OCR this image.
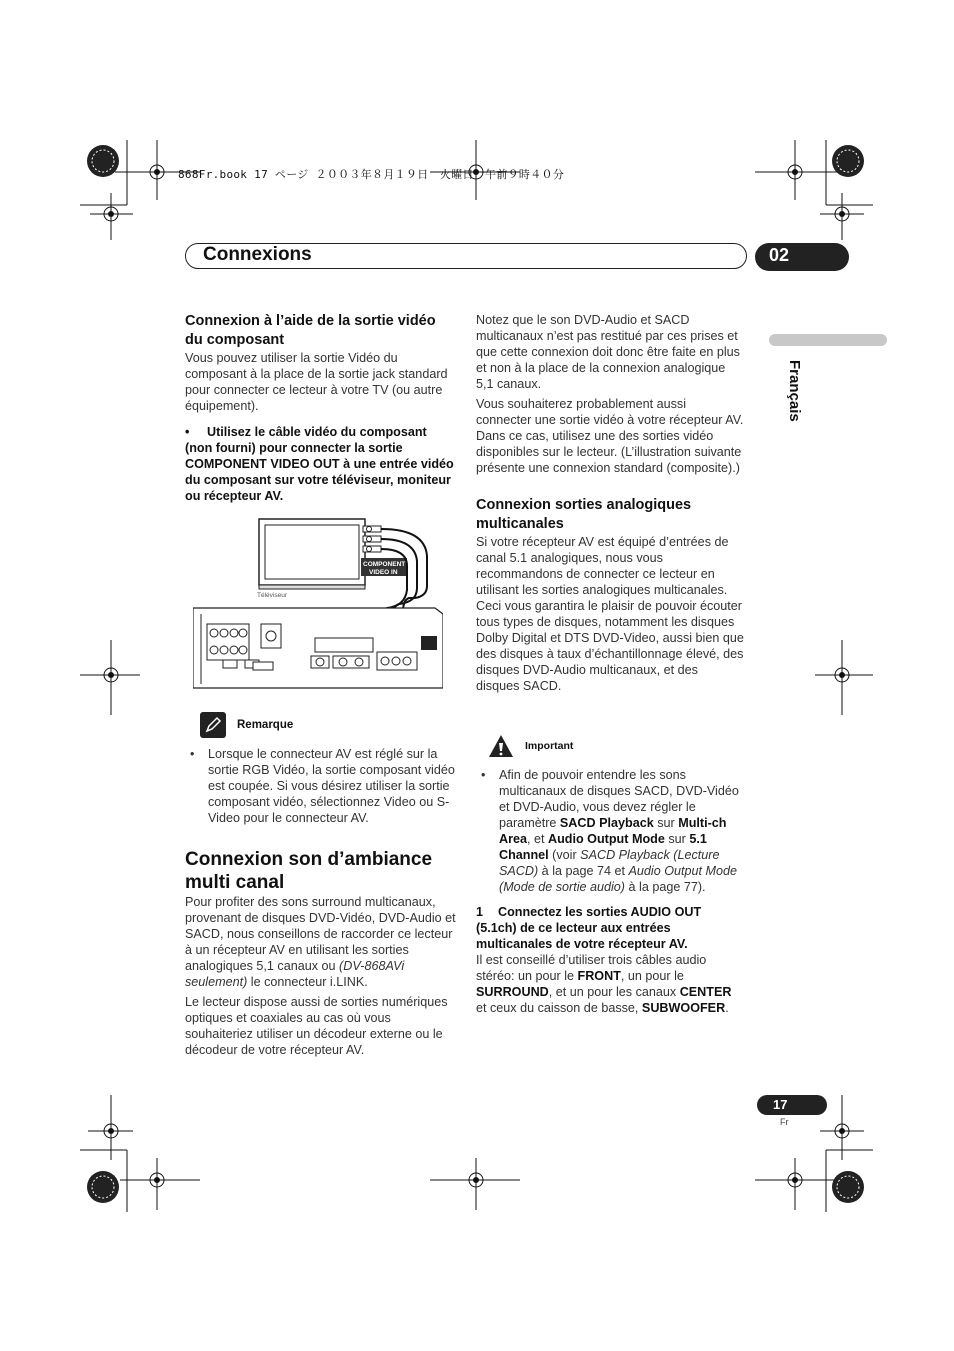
868Fr.book 17 ページ ２００３年８月１９日　火曜日　午前９時４０分
Connexions	02
Français
Connexion à l’aide de la sortie vidéo du composant

Vous pouvez utiliser la sortie Vidéo du composant à la place de la sortie jack standard pour connecter ce lecteur à votre TV (ou autre équipement).

• Utilisez le câble vidéo du composant (non fourni) pour connecter la sortie COMPONENT VIDEO OUT à une entrée vidéo du composant sur votre téléviseur, moniteur ou récepteur AV.

Téléviseur
COMPONENT
VIDEO IN
Remarque
• Lorsque le connecteur AV est réglé sur la sortie RGB Vidéo, la sortie composant vidéo est coupée. Si vous désirez utiliser la sortie composant vidéo, sélectionnez Video ou S-Video pour le connecteur AV.
Connexion son d’ambiance multi canal

Pour profiter des sons surround multicanaux, provenant de disques DVD-Vidéo, DVD-Audio et SACD, nous conseillons de raccorder ce lecteur à un récepteur AV en utilisant les sorties analogiques 5,1 canaux ou (DV-868AVi seulement) le connecteur i.LINK.

Le lecteur dispose aussi de sorties numériques optiques et coaxiales au cas où vous souhaiteriez utiliser un décodeur externe ou le décodeur de votre récepteur AV.

Notez que le son DVD-Audio et SACD multicanaux n’est pas restitué par ces prises et que cette connexion doit donc être faite en plus et non à la place de la connexion analogique 5,1 canaux.

Vous souhaiterez probablement aussi connecter une sortie vidéo à votre récepteur AV. Dans ce cas, utilisez une des sorties vidéo disponibles sur le lecteur. (L’illustration suivante présente une connexion standard (composite).)

Connexion sorties analogiques multicanales

Si votre récepteur AV est équipé d’entrées de canal 5.1 analogiques, nous vous recommandons de connecter ce lecteur en utilisant les sorties analogiques multicanales. Ceci vous garantira le plaisir de pouvoir écouter tous types de disques, notamment les disques Dolby Digital et DTS DVD-Video, aussi bien que des disques à taux d’échantillonnage élevé, des disques DVD-Audio multicanaux, et des disques SACD.

Important
• Afin de pouvoir entendre les sons multicanaux de disques SACD, DVD-Vidéo et DVD-Audio, vous devez régler le paramètre SACD Playback sur Multi-ch Area, et Audio Output Mode sur 5.1 Channel (voir SACD Playback (Lecture SACD) à la page 74 et Audio Output Mode (Mode de sortie audio) à la page 77).

1 Connectez les sorties AUDIO OUT (5.1ch) de ce lecteur aux entrées multicanales de votre récepteur AV.

Il est conseillé d’utiliser trois câbles audio stéréo: un pour le FRONT, un pour le SURROUND, et un pour les canaux CENTER et ceux du caisson de basse, SUBWOOFER.

17
Fr
